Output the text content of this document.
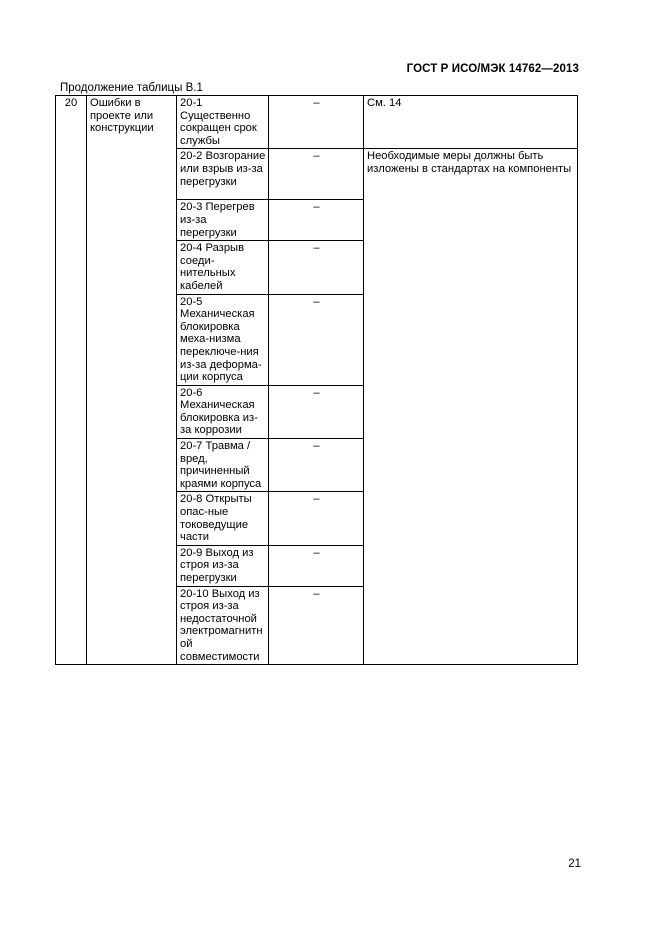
ГОСТ Р ИСО/МЭК 14762—2013
Продолжение таблицы В.1
20	Ошибки в проекте или конструкции	20-1 Существенно сокращен срок службы	–	См. 14
		20-2 Возгорание или взрыв из-за перегрузки	–	Необходимые меры должны быть изложены в стандартах на компоненты
		20-3 Перегрев из-за перегрузки	–	
		20-4 Разрыв соеди-нительных кабелей	–	
		20-5 Механическая блокировка меха-низма переключе-ния из-за деформа-ции корпуса	–	
		20-6 Механическая блокировка из-за коррозии	–	
		20-7 Травма / вред, причиненный краями корпуса	–	
		20-8 Открыты опас-ные токоведущие части	–	
		20-9 Выход из строя из-за перегрузки	–	
		20-10 Выход из строя из-за недостаточной электромагнитной совместимости	–	
21
